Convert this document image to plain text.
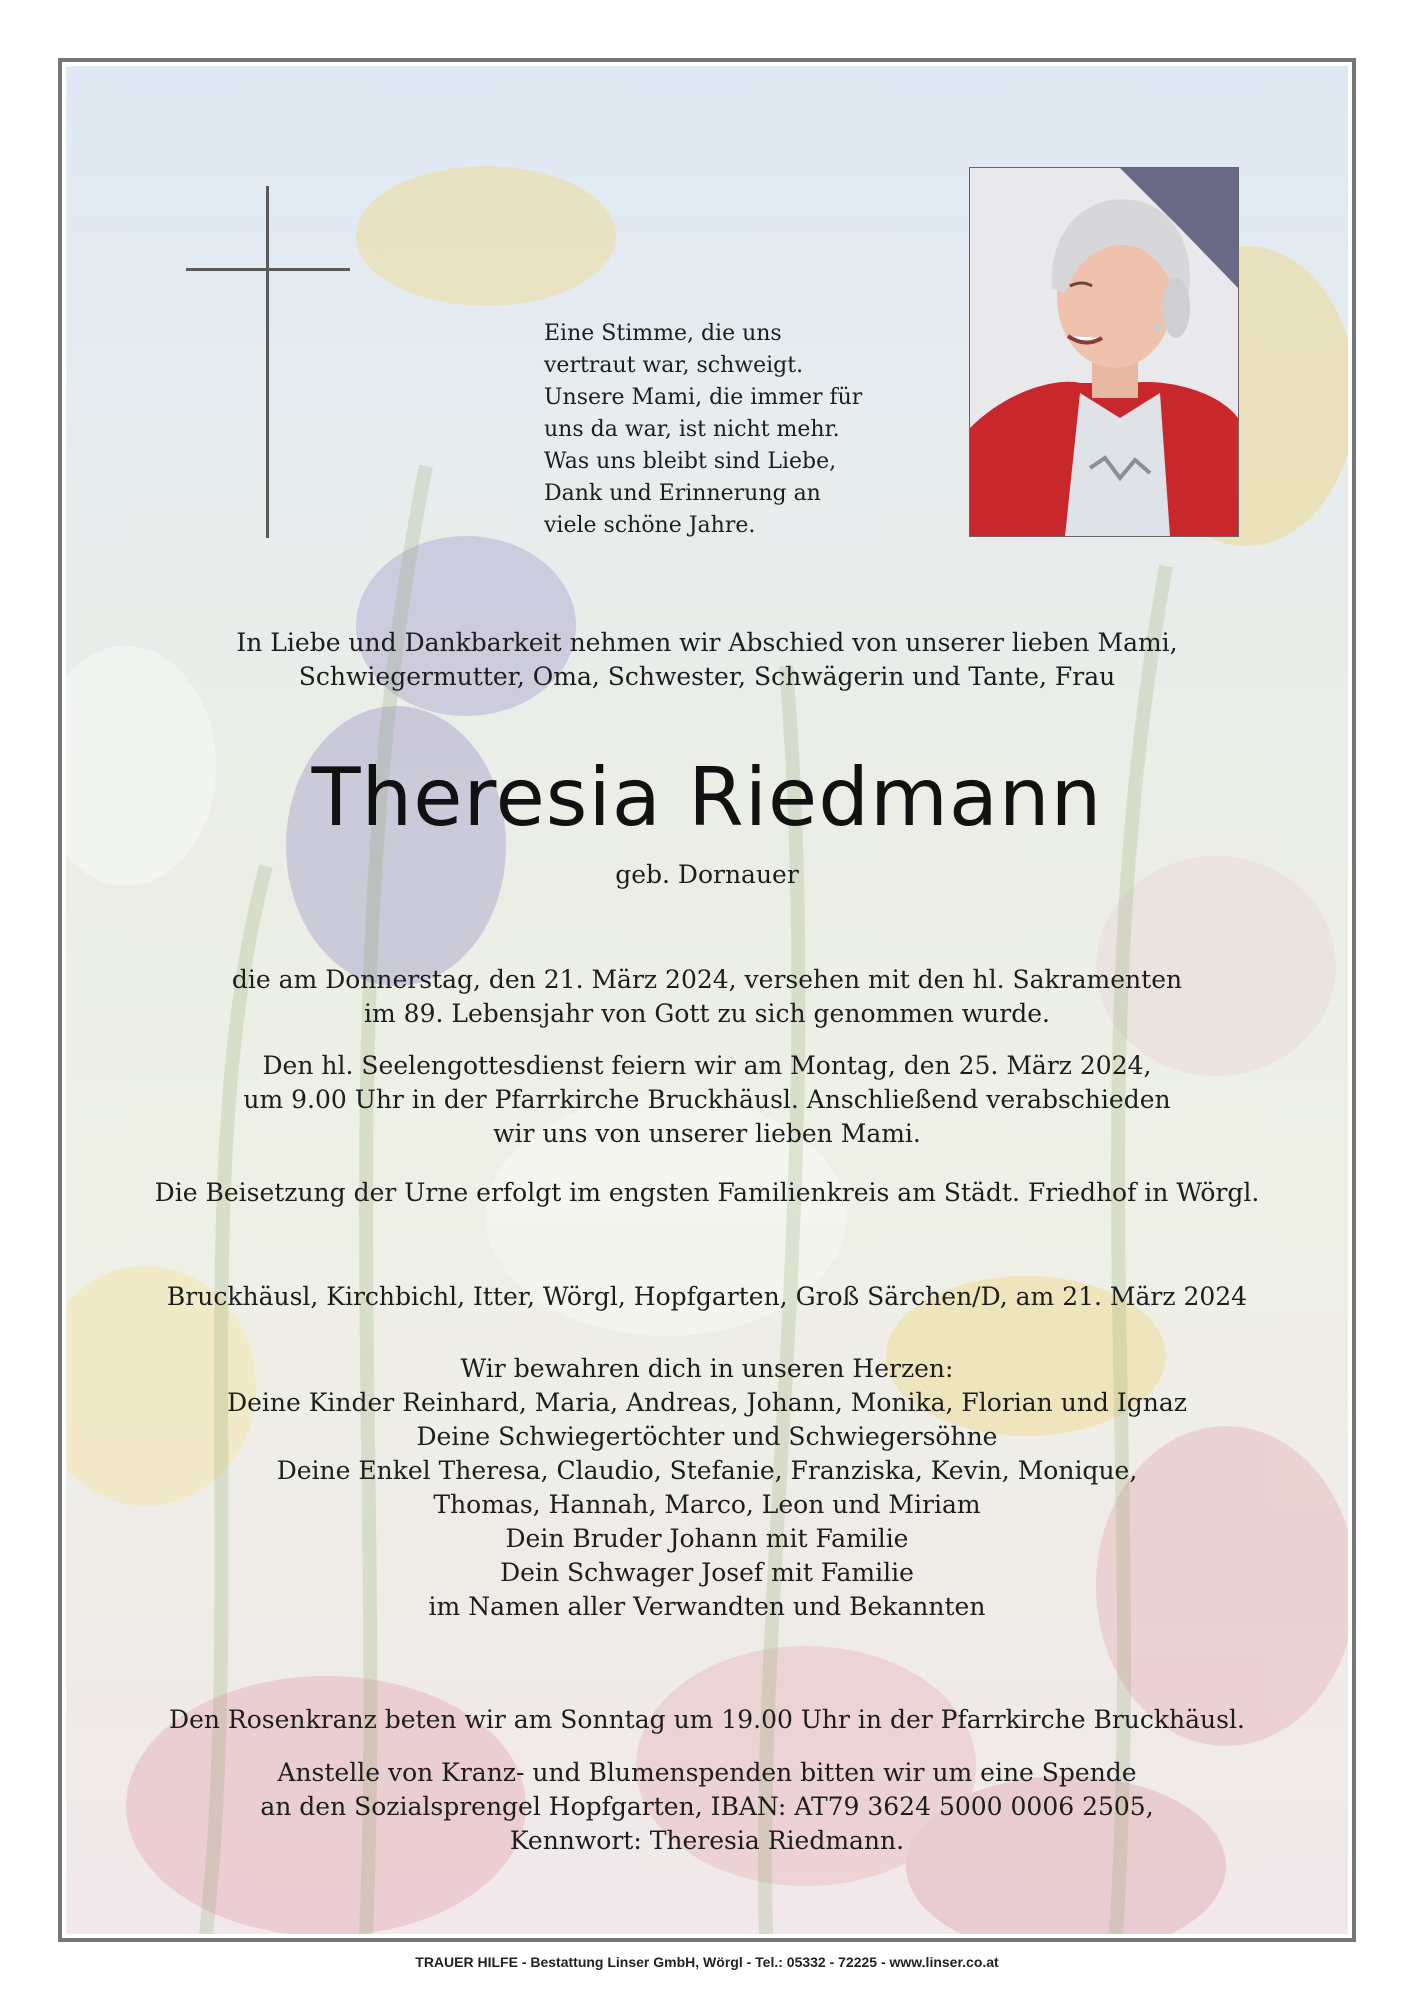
Eine Stimme, die uns
vertraut war, schweigt.
Unsere Mami, die immer für
uns da war, ist nicht mehr.
Was uns bleibt sind Liebe,
Dank und Erinnerung an
viele schöne Jahre.
In Liebe und Dankbarkeit nehmen wir Abschied von unserer lieben Mami,
Schwiegermutter, Oma, Schwester, Schwägerin und Tante, Frau
Theresia Riedmann
geb. Dornauer
die am Donnerstag, den 21. März 2024, versehen mit den hl. Sakramenten
im 89. Lebensjahr von Gott zu sich genommen wurde.
Den hl. Seelengottesdienst feiern wir am Montag, den 25. März 2024,
um 9.00 Uhr in der Pfarrkirche Bruckhäusl. Anschließend verabschieden
wir uns von unserer lieben Mami.
Die Beisetzung der Urne erfolgt im engsten Familienkreis am Städt. Friedhof in Wörgl.
Bruckhäusl, Kirchbichl, Itter, Wörgl, Hopfgarten, Groß Särchen/D, am 21. März 2024
Wir bewahren dich in unseren Herzen:
Deine Kinder Reinhard, Maria, Andreas, Johann, Monika, Florian und Ignaz
Deine Schwiegertöchter und Schwiegersöhne
Deine Enkel Theresa, Claudio, Stefanie, Franziska, Kevin, Monique,
Thomas, Hannah, Marco, Leon und Miriam
Dein Bruder Johann mit Familie
Dein Schwager Josef mit Familie
im Namen aller Verwandten und Bekannten
Den Rosenkranz beten wir am Sonntag um 19.00 Uhr in der Pfarrkirche Bruckhäusl.
Anstelle von Kranz- und Blumenspenden bitten wir um eine Spende
an den Sozialsprengel Hopfgarten, IBAN: AT79 3624 5000 0006 2505,
Kennwort: Theresia Riedmann.
TRAUER HILFE - Bestattung Linser GmbH, Wörgl - Tel.: 05332 - 72225 - www.linser.co.at
